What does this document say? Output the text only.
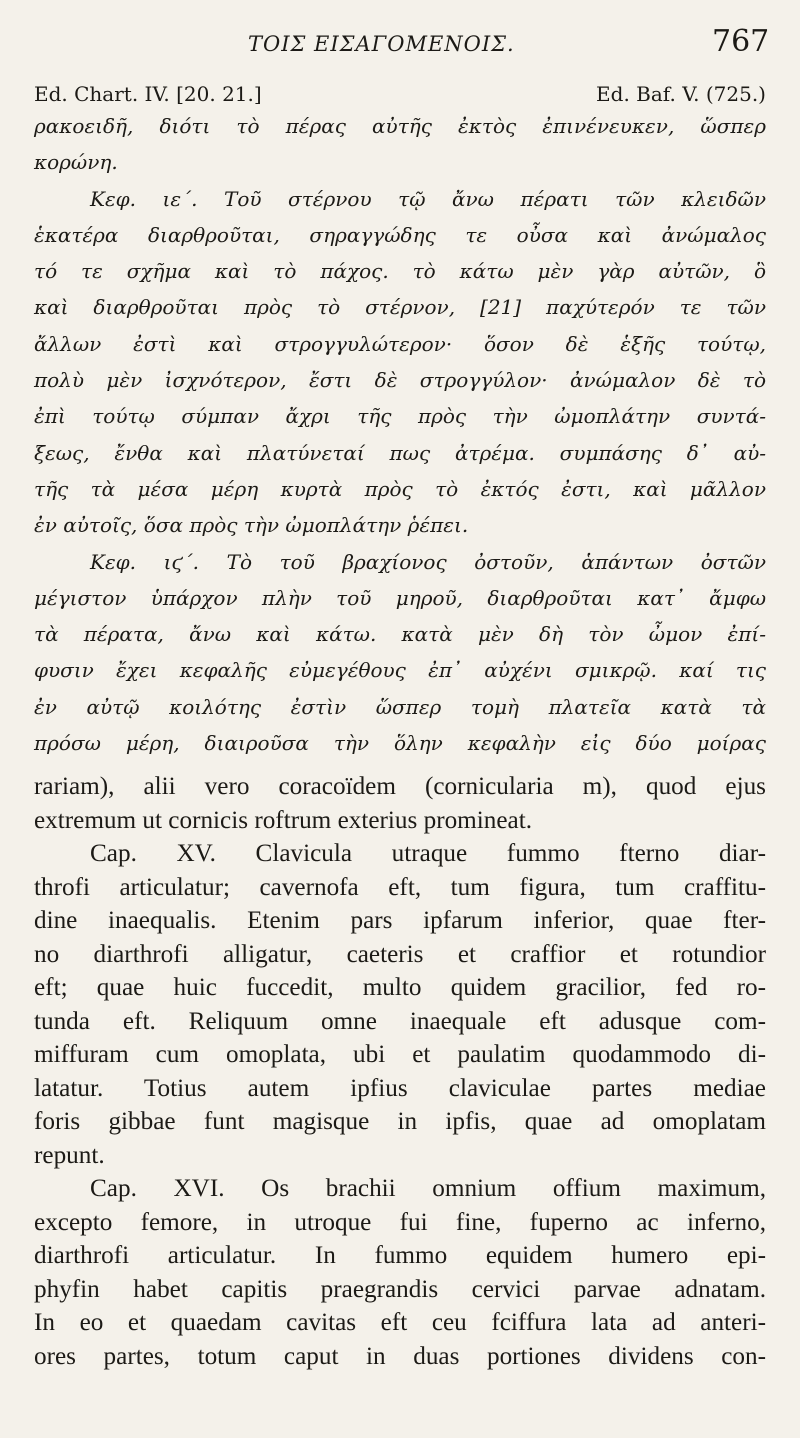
ΤΟΙΣ ΕΙΣΑΓΟΜΕΝΟΙΣ.	767
Ed. Chart. IV. [20. 21.]	Ed. Baf. V. (725.)
ρακοειδῆ, διότι τὸ πέρας αὐτῆς ἐκτὸς ἐπινένευκεν, ὥσπερ
κορώνη.
Κεφ. ιε΄. Τοῦ στέρνου τῷ ἄνω πέρατι τῶν κλειδῶν
ἑκατέρα διαρθροῦται, σηραγγώδης τε οὖσα καὶ ἀνώμαλος
τό τε σχῆμα καὶ τὸ πάχος. τὸ κάτω μὲν γὰρ αὐτῶν, ὃ
καὶ διαρθροῦται πρὸς τὸ στέρνον, [21] παχύτερόν τε τῶν
ἄλλων ἐστὶ καὶ στρογγυλώτερον· ὅσον δὲ ἑξῆς τούτῳ,
πολὺ μὲν ἰσχνότερον, ἔστι δὲ στρογγύλον· ἀνώμαλον δὲ τὸ
ἐπὶ τούτῳ σύμπαν ἄχρι τῆς πρὸς τὴν ὠμοπλάτην συντά-
ξεως, ἔνθα καὶ πλατύνεταί πως ἀτρέμα. συμπάσης δ᾽ αὐ-
τῆς τὰ μέσα μέρη κυρτὰ πρὸς τὸ ἐκτός ἐστι, καὶ μᾶλλον
ἐν αὐτοῖς, ὅσα πρὸς τὴν ὠμοπλάτην ῥέπει.
Κεφ. ιϛ΄. Τὸ τοῦ βραχίονος ὀστοῦν, ἁπάντων ὀστῶν
μέγιστον ὑπάρχον πλὴν τοῦ μηροῦ, διαρθροῦται κατ᾽ ἄμφω
τὰ πέρατα, ἄνω καὶ κάτω. κατὰ μὲν δὴ τὸν ὦμον ἐπί-
φυσιν ἔχει κεφαλῆς εὐμεγέθους ἐπ᾽ αὐχένι σμικρῷ. καί τις
ἐν αὐτῷ κοιλότης ἐστὶν ὥσπερ τομὴ πλατεῖα κατὰ τὰ
πρόσω μέρη, διαιροῦσα τὴν ὅλην κεφαλὴν εἰς δύο μοίρας
rariam), alii vero coracoïdem (cornicularia m), quod ejus
extremum ut cornicis roftrum exterius promineat.
Cap. XV. Clavicula utraque fummo fterno diar-
throfi articulatur; cavernofa eft, tum figura, tum craffitu-
dine inaequalis. Etenim pars ipfarum inferior, quae fter-
no diarthrofi alligatur, caeteris et craffior et rotundior
eft; quae huic fuccedit, multo quidem gracilior, fed ro-
tunda eft. Reliquum omne inaequale eft adusque com-
miffuram cum omoplata, ubi et paulatim quodammodo di-
latatur. Totius autem ipfius claviculae partes mediae
foris gibbae funt magisque in ipfis, quae ad omoplatam
repunt.
Cap. XVI. Os brachii omnium offium maximum,
excepto femore, in utroque fui fine, fuperno ac inferno,
diarthrofi articulatur. In fummo equidem humero epi-
phyfin habet capitis praegrandis cervici parvae adnatam.
In eo et quaedam cavitas eft ceu fciffura lata ad anteri-
ores partes, totum caput in duas portiones dividens con-
